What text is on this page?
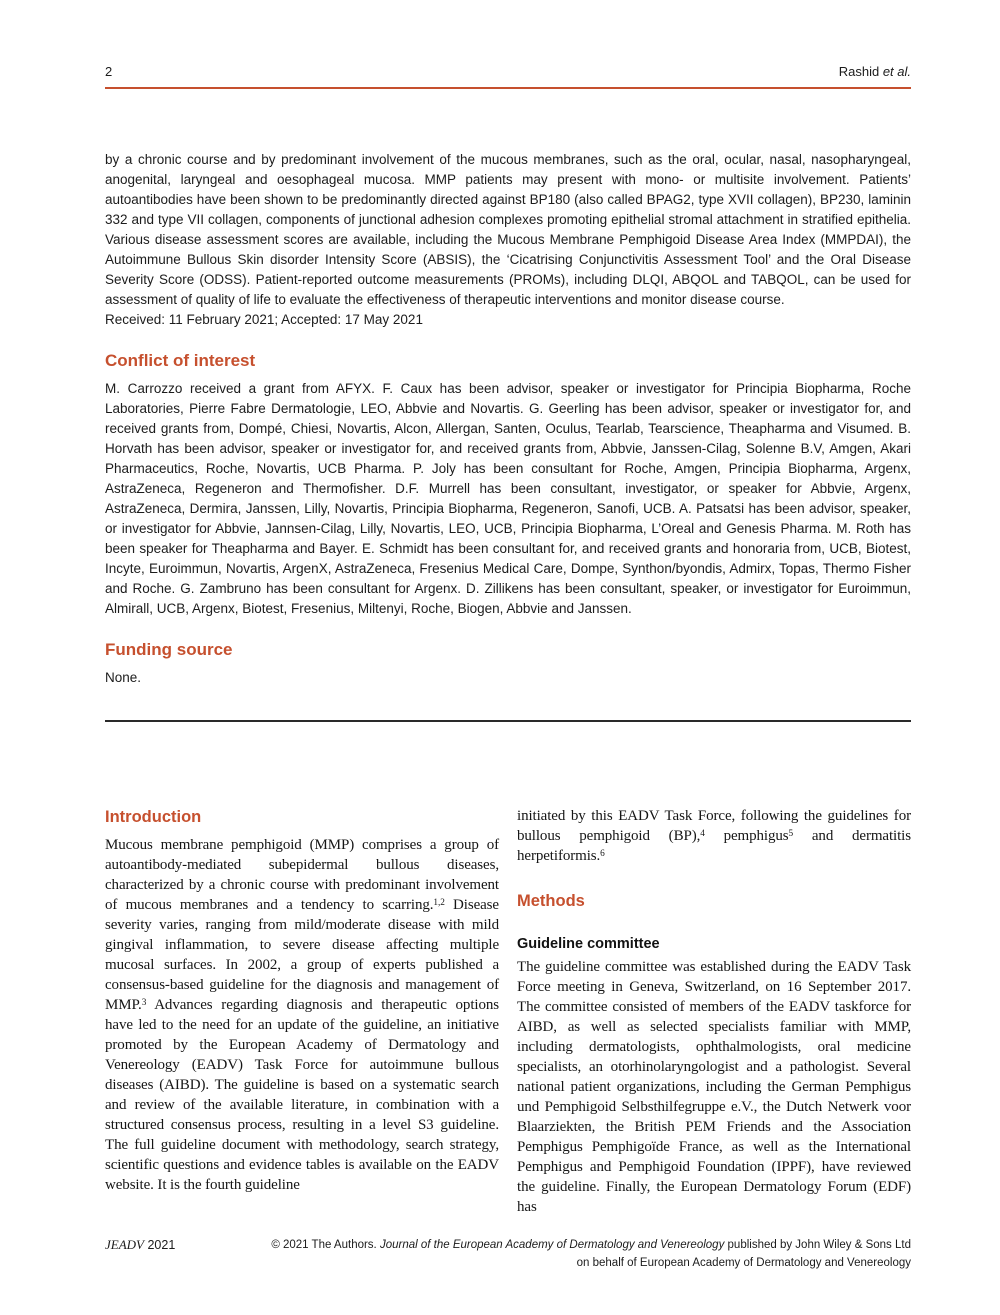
2	Rashid et al.

by a chronic course and by predominant involvement of the mucous membranes, such as the oral, ocular, nasal, nasopharyngeal, anogenital, laryngeal and oesophageal mucosa. MMP patients may present with mono- or multisite involvement. Patients’ autoantibodies have been shown to be predominantly directed against BP180 (also called BPAG2, type XVII collagen), BP230, laminin 332 and type VII collagen, components of junctional adhesion complexes promoting epithelial stromal attachment in stratified epithelia. Various disease assessment scores are available, including the Mucous Membrane Pemphigoid Disease Area Index (MMPDAI), the Autoimmune Bullous Skin disorder Intensity Score (ABSIS), the ‘Cicatrising Conjunctivitis Assessment Tool’ and the Oral Disease Severity Score (ODSS). Patient-reported outcome measurements (PROMs), including DLQI, ABQOL and TABQOL, can be used for assessment of quality of life to evaluate the effectiveness of therapeutic interventions and monitor disease course.

Received: 11 February 2021; Accepted: 17 May 2021

Conflict of interest

M. Carrozzo received a grant from AFYX. F. Caux has been advisor, speaker or investigator for Principia Biopharma, Roche Laboratories, Pierre Fabre Dermatologie, LEO, Abbvie and Novartis. G. Geerling has been advisor, speaker or investigator for, and received grants from, Dompé, Chiesi, Novartis, Alcon, Allergan, Santen, Oculus, Tearlab, Tearscience, Theapharma and Visumed. B. Horvath has been advisor, speaker or investigator for, and received grants from, Abbvie, Janssen-Cilag, Solenne B.V, Amgen, Akari Pharmaceutics, Roche, Novartis, UCB Pharma. P. Joly has been consultant for Roche, Amgen, Principia Biopharma, Argenx, AstraZeneca, Regeneron and Thermofisher. D.F. Murrell has been consultant, investigator, or speaker for Abbvie, Argenx, AstraZeneca, Dermira, Janssen, Lilly, Novartis, Principia Biopharma, Regeneron, Sanofi, UCB. A. Patsatsi has been advisor, speaker, or investigator for Abbvie, Jannsen-Cilag, Lilly, Novartis, LEO, UCB, Principia Biopharma, L’Oreal and Genesis Pharma. M. Roth has been speaker for Theapharma and Bayer. E. Schmidt has been consultant for, and received grants and honoraria from, UCB, Biotest, Incyte, Euroimmun, Novartis, ArgenX, AstraZeneca, Fresenius Medical Care, Dompe, Synthon/byondis, Admirx, Topas, Thermo Fisher and Roche. G. Zambruno has been consultant for Argenx. D. Zillikens has been consultant, speaker, or investigator for Euroimmun, Almirall, UCB, Argenx, Biotest, Fresenius, Miltenyi, Roche, Biogen, Abbvie and Janssen.

Funding source

None.

Introduction

Mucous membrane pemphigoid (MMP) comprises a group of autoantibody-mediated subepidermal bullous diseases, characterized by a chronic course with predominant involvement of mucous membranes and a tendency to scarring.$^{1,2}$ Disease severity varies, ranging from mild/moderate disease with mild gingival inflammation, to severe disease affecting multiple mucosal surfaces. In 2002, a group of experts published a consensus-based guideline for the diagnosis and management of MMP.$^3$ Advances regarding diagnosis and therapeutic options have led to the need for an update of the guideline, an initiative promoted by the European Academy of Dermatology and Venereology (EADV) Task Force for autoimmune bullous diseases (AIBD). The guideline is based on a systematic search and review of the available literature, in combination with a structured consensus process, resulting in a level S3 guideline. The full guideline document with methodology, search strategy, scientific questions and evidence tables is available on the EADV website. It is the fourth guideline

initiated by this EADV Task Force, following the guidelines for bullous pemphigoid (BP),$^4$ pemphigus$^5$ and dermatitis herpetiformis.$^6$

Methods
Guideline committee

The guideline committee was established during the EADV Task Force meeting in Geneva, Switzerland, on 16 September 2017. The committee consisted of members of the EADV taskforce for AIBD, as well as selected specialists familiar with MMP, including dermatologists, ophthalmologists, oral medicine specialists, an otorhinolaryngologist and a pathologist. Several national patient organizations, including the German Pemphigus und Pemphigoid Selbsthilfegruppe e.V., the Dutch Netwerk voor Blaarziekten, the British PEM Friends and the Association Pemphigus Pemphigoïde France, as well as the International Pemphigus and Pemphigoid Foundation (IPPF), have reviewed the guideline. Finally, the European Dermatology Forum (EDF) has

JEADV 2021	© 2021 The Authors. Journal of the European Academy of Dermatology and Venereology published by John Wiley & Sons Ltd
on behalf of European Academy of Dermatology and Venereology
